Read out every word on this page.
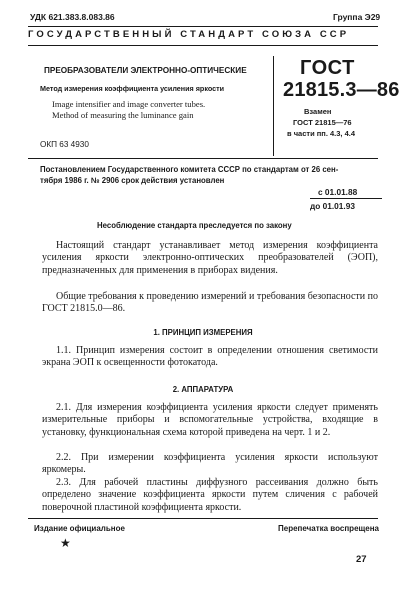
УДК 621.383.8.083.86	Группа Э29
ГОСУДАРСТВЕННЫЙ СТАНДАРТ СОЮЗА ССР
ПРЕОБРАЗОВАТЕЛИ ЭЛЕКТРОННО-ОПТИЧЕСКИЕ
Метод измерения коэффициента усиления яркости
Image intensifier and image converter tubes.
Method of measuring the luminance gain
ОКП 63 4930
ГОСТ
21815.3—86
Взамен
ГОСТ 21815—76
в части пп. 4.3, 4.4
Постановлением Государственного комитета СССР по стандартам от 26 сен-
тября 1986 г. № 2906 срок действия установлен
с 01.01.88
до 01.01.93
Несоблюдение стандарта преследуется по закону
Настоящий стандарт устанавливает метод измерения коэффициента усиления яркости электронно-оптических преобразователей (ЭОП), предназначенных для применения в приборах видения.
Общие требования к проведению измерений и требования безопасности по ГОСТ 21815.0—86.
1. ПРИНЦИП ИЗМЕРЕНИЯ
1.1. Принцип измерения состоит в определении отношения светимости экрана ЭОП к освещенности фотокатода.
2. АППАРАТУРА
2.1. Для измерения коэффициента усиления яркости следует применять измерительные приборы и вспомогательные устройства, входящие в установку, функциональная схема которой приведена на черт. 1 и 2.
2.2. При измерении коэффициента усиления яркости используют яркомеры.
2.3. Для рабочей пластины диффузного рассеивания должно быть определено значение коэффициента яркости путем сличения с рабочей поверочной пластиной коэффициента яркости.
Издание официальное	Перепечатка воспрещена
★
27
